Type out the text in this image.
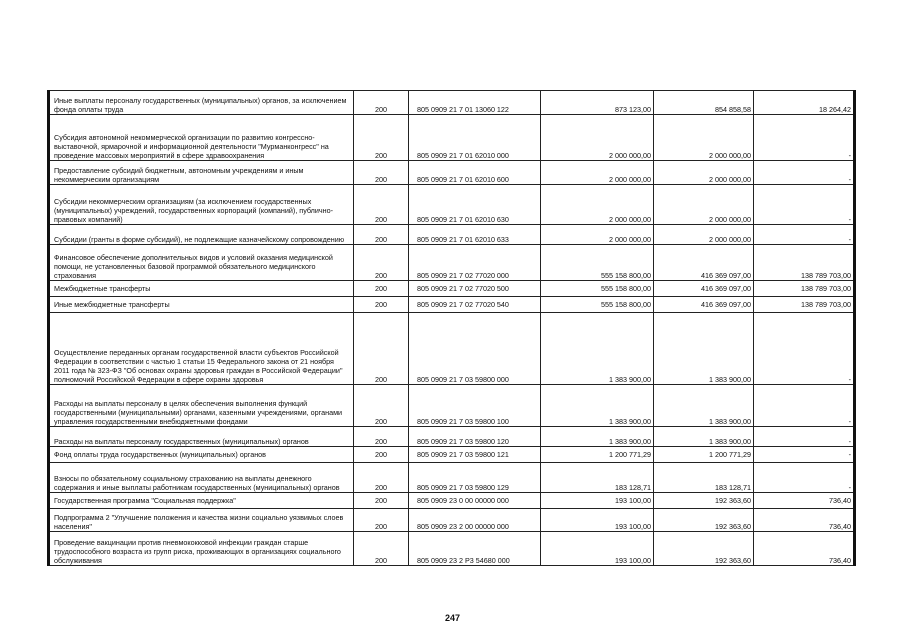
Иные выплаты персоналу государственных (муниципальных) органов, за исключением фонда оплаты труда	200	805 0909 21 7 01 13060 122	873 123,00	854 858,58	18 264,42
Субсидия автономной некоммерческой организации по развитию конгрессно-выставочной, ярмарочной и информационной деятельности "Мурманконгресс" на проведение массовых мероприятий в сфере здравоохранения	200	805 0909 21 7 01 62010 000	2 000 000,00	2 000 000,00	-
Предоставление субсидий бюджетным, автономным учреждениям и иным некоммерческим организациям	200	805 0909 21 7 01 62010 600	2 000 000,00	2 000 000,00	-
Субсидии некоммерческим организациям (за исключением государственных (муниципальных) учреждений, государственных корпораций (компаний), публично-правовых компаний)	200	805 0909 21 7 01 62010 630	2 000 000,00	2 000 000,00	-
Субсидии (гранты в форме субсидий), не подлежащие казначейскому сопровождению	200	805 0909 21 7 01 62010 633	2 000 000,00	2 000 000,00	-
Финансовое обеспечение дополнительных видов и условий оказания медицинской помощи, не установленных базовой программой обязательного медицинского страхования	200	805 0909 21 7 02 77020 000	555 158 800,00	416 369 097,00	138 789 703,00
Межбюджетные трансферты	200	805 0909 21 7 02 77020 500	555 158 800,00	416 369 097,00	138 789 703,00
Иные межбюджетные трансферты	200	805 0909 21 7 02 77020 540	555 158 800,00	416 369 097,00	138 789 703,00
Осуществление переданных органам государственной власти субъектов Российской Федерации в соответствии с частью 1 статьи 15 Федерального закона от 21 ноября 2011 года № 323-ФЗ "Об основах охраны здоровья граждан в Российской Федерации" полномочий Российской Федерации в сфере охраны здоровья	200	805 0909 21 7 03 59800 000	1 383 900,00	1 383 900,00	-
Расходы на выплаты персоналу в целях обеспечения выполнения функций государственными (муниципальными) органами, казенными учреждениями, органами управления государственными внебюджетными фондами	200	805 0909 21 7 03 59800 100	1 383 900,00	1 383 900,00	-
Расходы на выплаты персоналу государственных (муниципальных) органов	200	805 0909 21 7 03 59800 120	1 383 900,00	1 383 900,00	-
Фонд оплаты труда государственных (муниципальных) органов	200	805 0909 21 7 03 59800 121	1 200 771,29	1 200 771,29	-
Взносы по обязательному социальному страхованию на выплаты денежного содержания и иные выплаты работникам государственных (муниципальных) органов	200	805 0909 21 7 03 59800 129	183 128,71	183 128,71	-
Государственная программа "Социальная поддержка"	200	805 0909 23 0 00 00000 000	193 100,00	192 363,60	736,40
Подпрограмма 2 "Улучшение положения и качества жизни социально уязвимых слоев населения"	200	805 0909 23 2 00 00000 000	193 100,00	192 363,60	736,40
Проведение вакцинации против пневмококковой инфекции граждан старше трудоспособного возраста из групп риска, проживающих в организациях социального обслуживания	200	805 0909 23 2 Р3 54680 000	193 100,00	192 363,60	736,40
247
